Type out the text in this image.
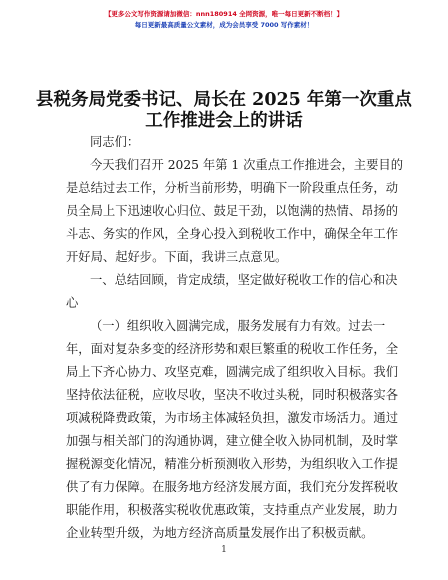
【更多公文写作资源请加微信：nnn180914 全网资源，唯一每日更新不断档！】
每日更新最高质量公文素材，成为会员享受 7000 写作素材！
县税务局党委书记、局长在 2025 年第一次重点
工作推进会上的讲话
同志们：
今天我们召开 2025 年第 1 次重点工作推进会，主要目的
是总结过去工作，分析当前形势，明确下一阶段重点任务，动
员全局上下迅速收心归位、鼓足干劲，以饱满的热情、昂扬的
斗志、务实的作风，全身心投入到税收工作中，确保全年工作
开好局、起好步。下面，我讲三点意见。
一、总结回顾，肯定成绩，坚定做好税收工作的信心和决
心
（一）组织收入圆满完成，服务发展有力有效。过去一
年，面对复杂多变的经济形势和艰巨繁重的税收工作任务，全
局上下齐心协力、攻坚克难，圆满完成了组织收入目标。我们
坚持依法征税，应收尽收，坚决不收过头税，同时积极落实各
项减税降费政策，为市场主体减轻负担，激发市场活力。通过
加强与相关部门的沟通协调，建立健全收入协同机制，及时掌
握税源变化情况，精准分析预测收入形势，为组织收入工作提
供了有力保障。在服务地方经济发展方面，我们充分发挥税收
职能作用，积极落实税收优惠政策，支持重点产业发展，助力
企业转型升级，为地方经济高质量发展作出了积极贡献。
1
